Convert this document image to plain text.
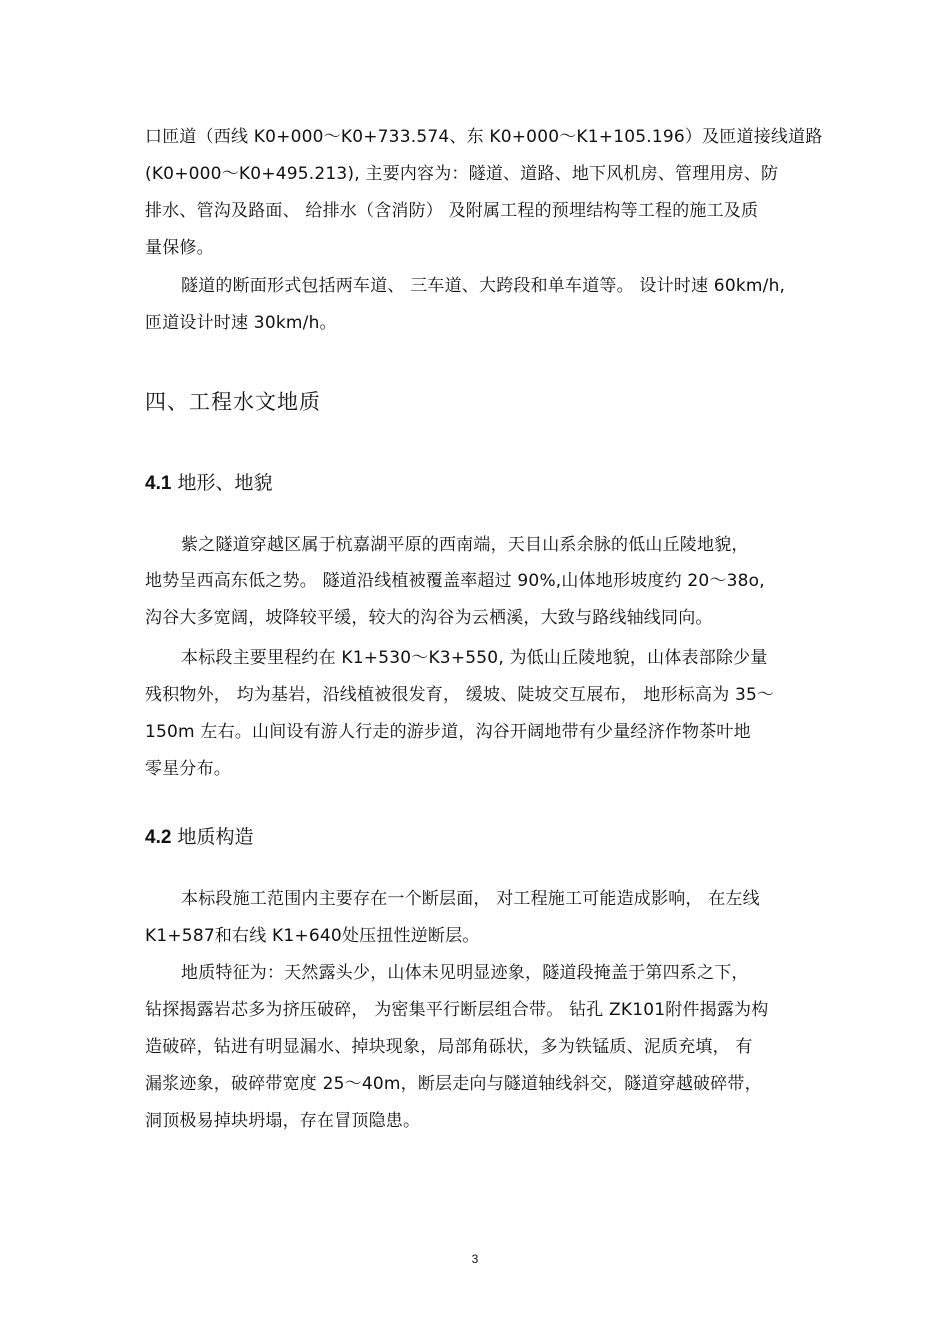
口匝道（西线 K0+000～K0+733.574、东 K0+000～K1+105.196）及匝道接线道路
(K0+000～K0+495.213), 主要内容为：隧道、道路、地下风机房、管理用房、防
排水、管沟及路面、 给排水（含消防） 及附属工程的预埋结构等工程的施工及质
量保修。
隧道的断面形式包括两车道、 三车道、大跨段和单车道等。 设计时速 60km/h,
匝道设计时速 30km/h。
四、工程水文地质
4.1 地形、地貌
紫之隧道穿越区属于杭嘉湖平原的西南端，天目山系余脉的低山丘陵地貌，
地势呈西高东低之势。 隧道沿线植被覆盖率超过 90%,山体地形坡度约 20～38o,
沟谷大多宽阔，坡降较平缓，较大的沟谷为云栖溪，大致与路线轴线同向。
本标段主要里程约在 K1+530～K3+550, 为低山丘陵地貌，山体表部除少量
残积物外， 均为基岩，沿线植被很发育， 缓坡、陡坡交互展布， 地形标高为 35～
150m 左右。山间设有游人行走的游步道，沟谷开阔地带有少量经济作物茶叶地
零星分布。
4.2 地质构造
本标段施工范围内主要存在一个断层面， 对工程施工可能造成影响， 在左线
K1+587和右线 K1+640处压扭性逆断层。
地质特征为：天然露头少，山体未见明显迹象，隧道段掩盖于第四系之下，
钻探揭露岩芯多为挤压破碎， 为密集平行断层组合带。 钻孔 ZK101附件揭露为构
造破碎，钻进有明显漏水、掉块现象，局部角砾状，多为铁锰质、泥质充填， 有
漏浆迹象，破碎带宽度 25～40m，断层走向与隧道轴线斜交，隧道穿越破碎带，
洞顶极易掉块坍塌，存在冒顶隐患。
3
